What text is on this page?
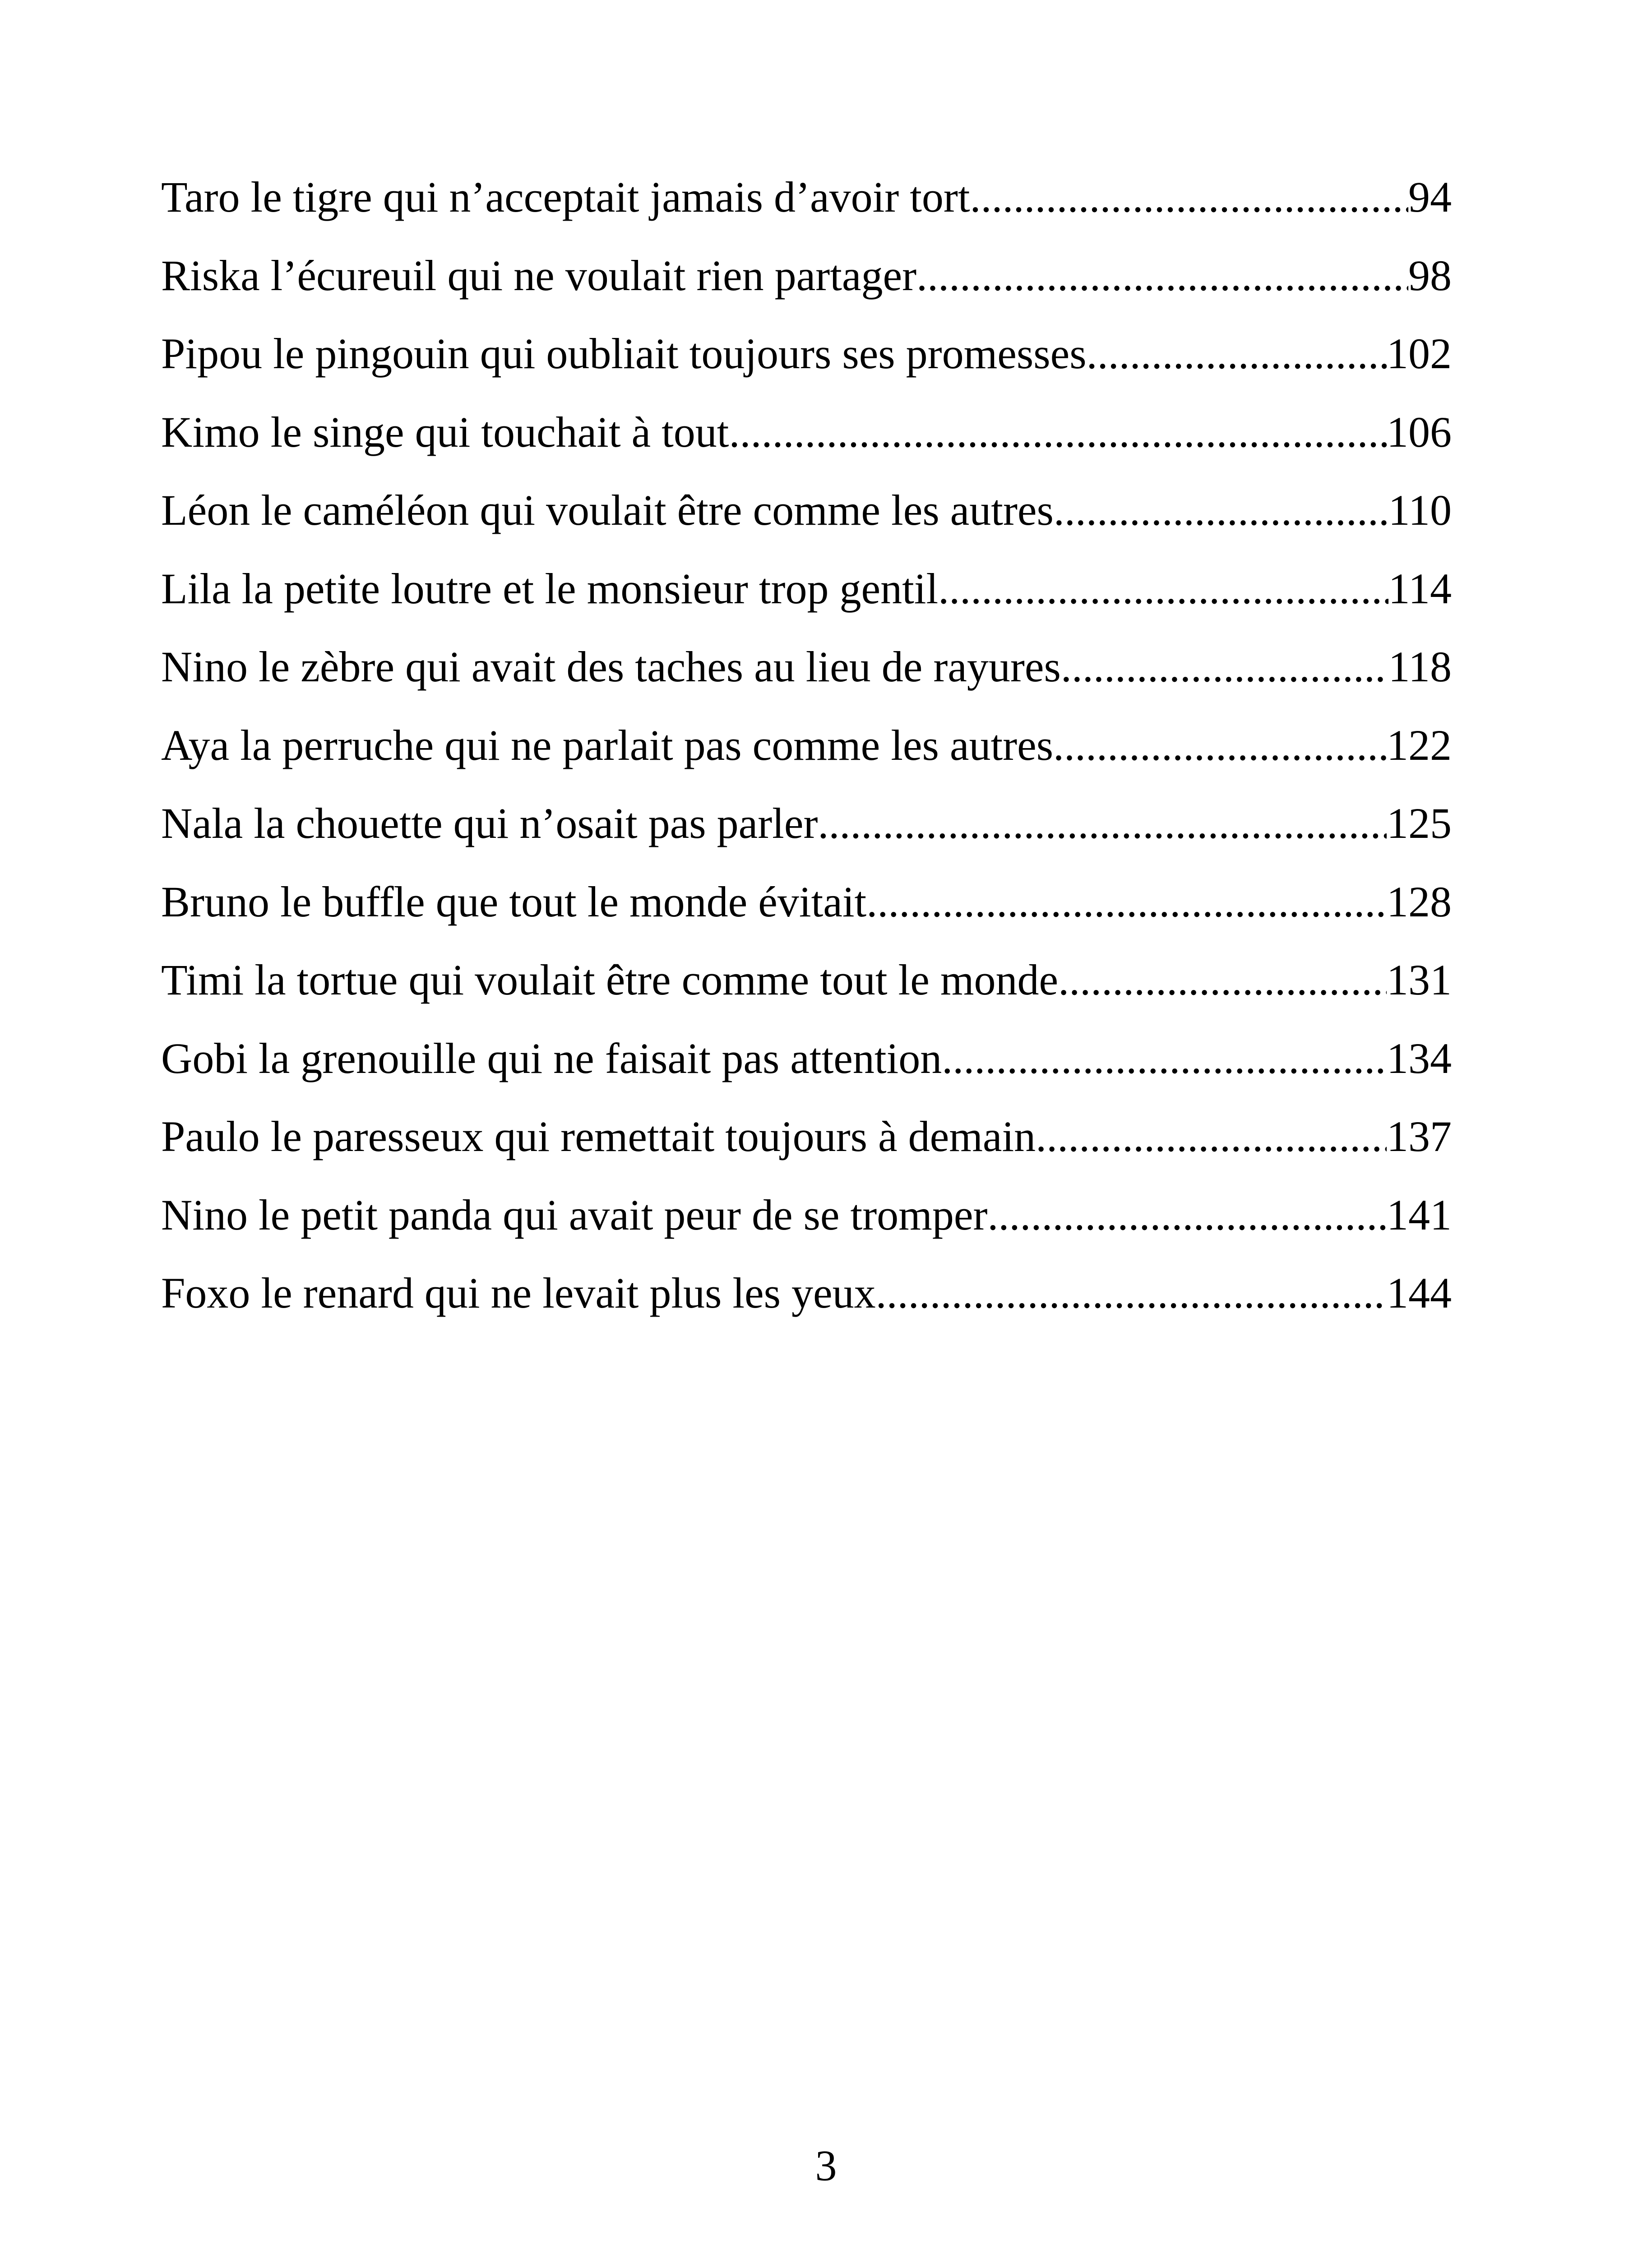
Taro le tigre qui n’acceptait jamais d’avoir tort .....	94
Riska l’écureuil qui ne voulait rien partager .....	98
Pipou le pingouin qui oubliait toujours ses promesses .....	102
Kimo le singe qui touchait à tout .....	106
Léon le caméléon qui voulait être comme les autres .....	110
Lila la petite loutre et le monsieur trop gentil .....	114
Nino le zèbre qui avait des taches au lieu de rayures .....	118
Aya la perruche qui ne parlait pas comme les autres .....	122
Nala la chouette qui n’osait pas parler .....	125
Bruno le buffle que tout le monde évitait .....	128
Timi la tortue qui voulait être comme tout le monde .....	131
Gobi la grenouille qui ne faisait pas attention .....	134
Paulo le paresseux qui remettait toujours à demain .....	137
Nino le petit panda qui avait peur de se tromper .....	141
Foxo le renard qui ne levait plus les yeux .....	144
3
